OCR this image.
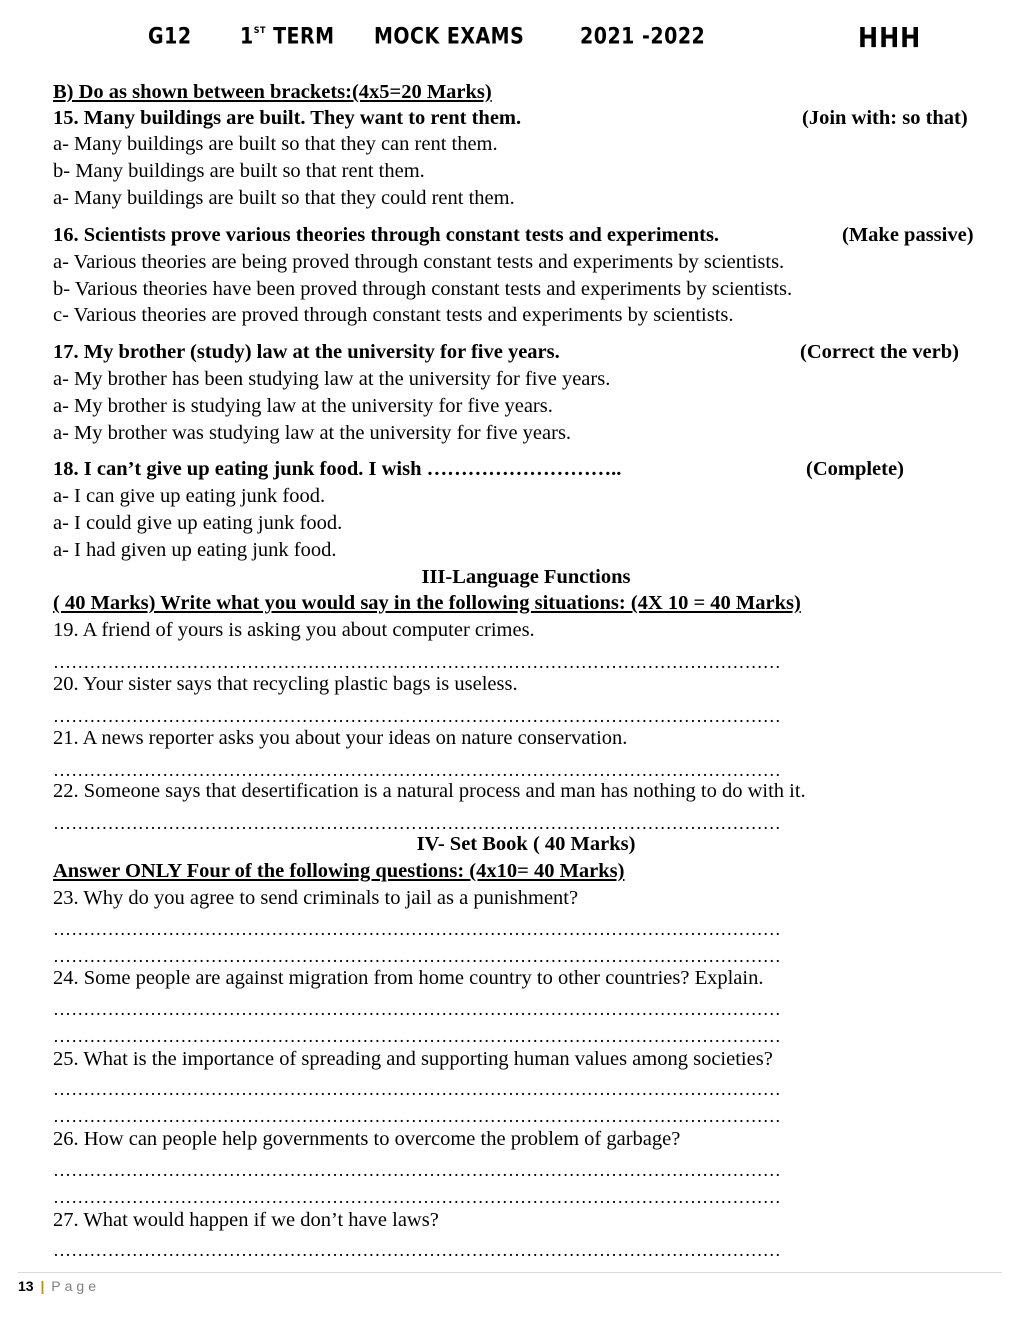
G12	1ST TERM MOCK EXAMS	2021 -2022	HHH
B) Do as shown between brackets:(4x5=20 Marks)
15. Many buildings are built. They want to rent them.	(Join with: so that)
a- Many buildings are built so that they can rent them.
b- Many buildings are built so that rent them.
a- Many buildings are built so that they could rent them.
16. Scientists prove various theories through constant tests and experiments.	(Make passive)
a- Various theories are being proved through constant tests and experiments by scientists.
b- Various theories have been proved through constant tests and experiments by scientists.
c- Various theories are proved through constant tests and experiments by scientists.
17. My brother (study) law at the university for five years.	(Correct the verb)
a- My brother has been studying law at the university for five years.
a- My brother is studying law at the university for five years.
a- My brother was studying law at the university for five years.
18. I can’t give up eating junk food. I wish ………………………..	(Complete)
a- I can give up eating junk food.
a- I could give up eating junk food.
a- I had given up eating junk food.
III-Language Functions
( 40 Marks) Write what you would say in the following situations: (4X 10 = 40 Marks)
19. A friend of yours is asking you about computer crimes.
…………………………………………………………………………………………………………
20. Your sister says that recycling plastic bags is useless.
…………………………………………………………………………………………………………
21. A news reporter asks you about your ideas on nature conservation.
…………………………………………………………………………………………………………
22. Someone says that desertification is a natural process and man has nothing to do with it.
…………………………………………………………………………………………………………
IV- Set Book ( 40 Marks)
Answer ONLY Four of the following questions: (4x10= 40 Marks)
23. Why do you agree to send criminals to jail as a punishment?
…………………………………………………………………………………………………………
…………………………………………………………………………………………………………
24. Some people are against migration from home country to other countries? Explain.
…………………………………………………………………………………………………………
…………………………………………………………………………………………………………
25. What is the importance of spreading and supporting human values among societies?
…………………………………………………………………………………………………………
…………………………………………………………………………………………………………
26. How can people help governments to overcome the problem of garbage?
…………………………………………………………………………………………………………
…………………………………………………………………………………………………………
27. What would happen if we don’t have laws?
…………………………………………………………………………………………………………
13 | Page
